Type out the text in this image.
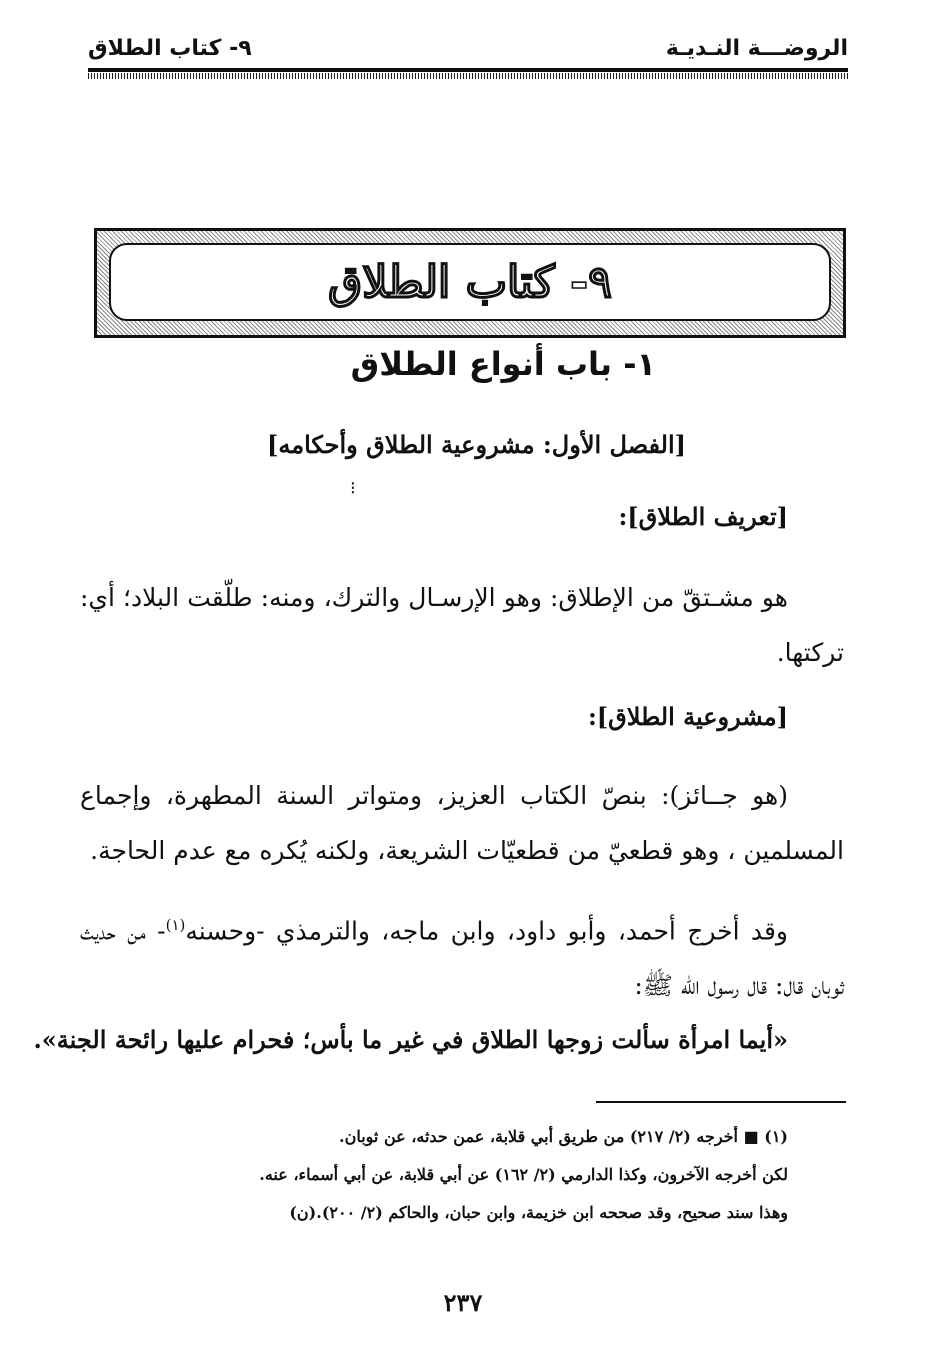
الروضـــة النـديـة
٩- كتاب الطلاق
٩- كتاب الطلاق
١- باب أنواع الطلاق
[الفصل الأول: مشروعية الطلاق وأحكامه]
⁝
[تعريف الطلاق]:
هو مشـتقّ من الإطلاق: وهو الإرسـال والترك، ومنه: طلّقت البلاد؛ أي: تركتها.
[مشروعية الطلاق]:
(هو جــائز): بنصّ الكتاب العزيز، ومتواتر السنة المطهرة، وإجماع المسلمين ، وهو قطعيّ من قطعيّات الشريعة، ولكنه يُكره مع عدم الحاجة.
وقد أخرج أحمد، وأبو داود، وابن ماجه، والترمذي -وحسنه$^{(١)}$- من حديث ثوبان قال: قال رسول الله ﷺ:
«أيما امرأة سألت زوجها الطلاق في غير ما بأس؛ فحرام عليها رائحة الجنة».
(١) ■ أخرجه (٢/ ٢١٧) من طريق أبي قلابة، عمن حدثه، عن ثوبان.
لكن أخرجه الآخرون، وكذا الدارمي (٢/ ١٦٢) عن أبي قلابة، عن أبي أسماء، عنه.
وهذا سند صحيح، وقد صححه ابن خزيمة، وابن حبان، والحاكم (٢/ ٢٠٠).(ن)
٢٣٧
